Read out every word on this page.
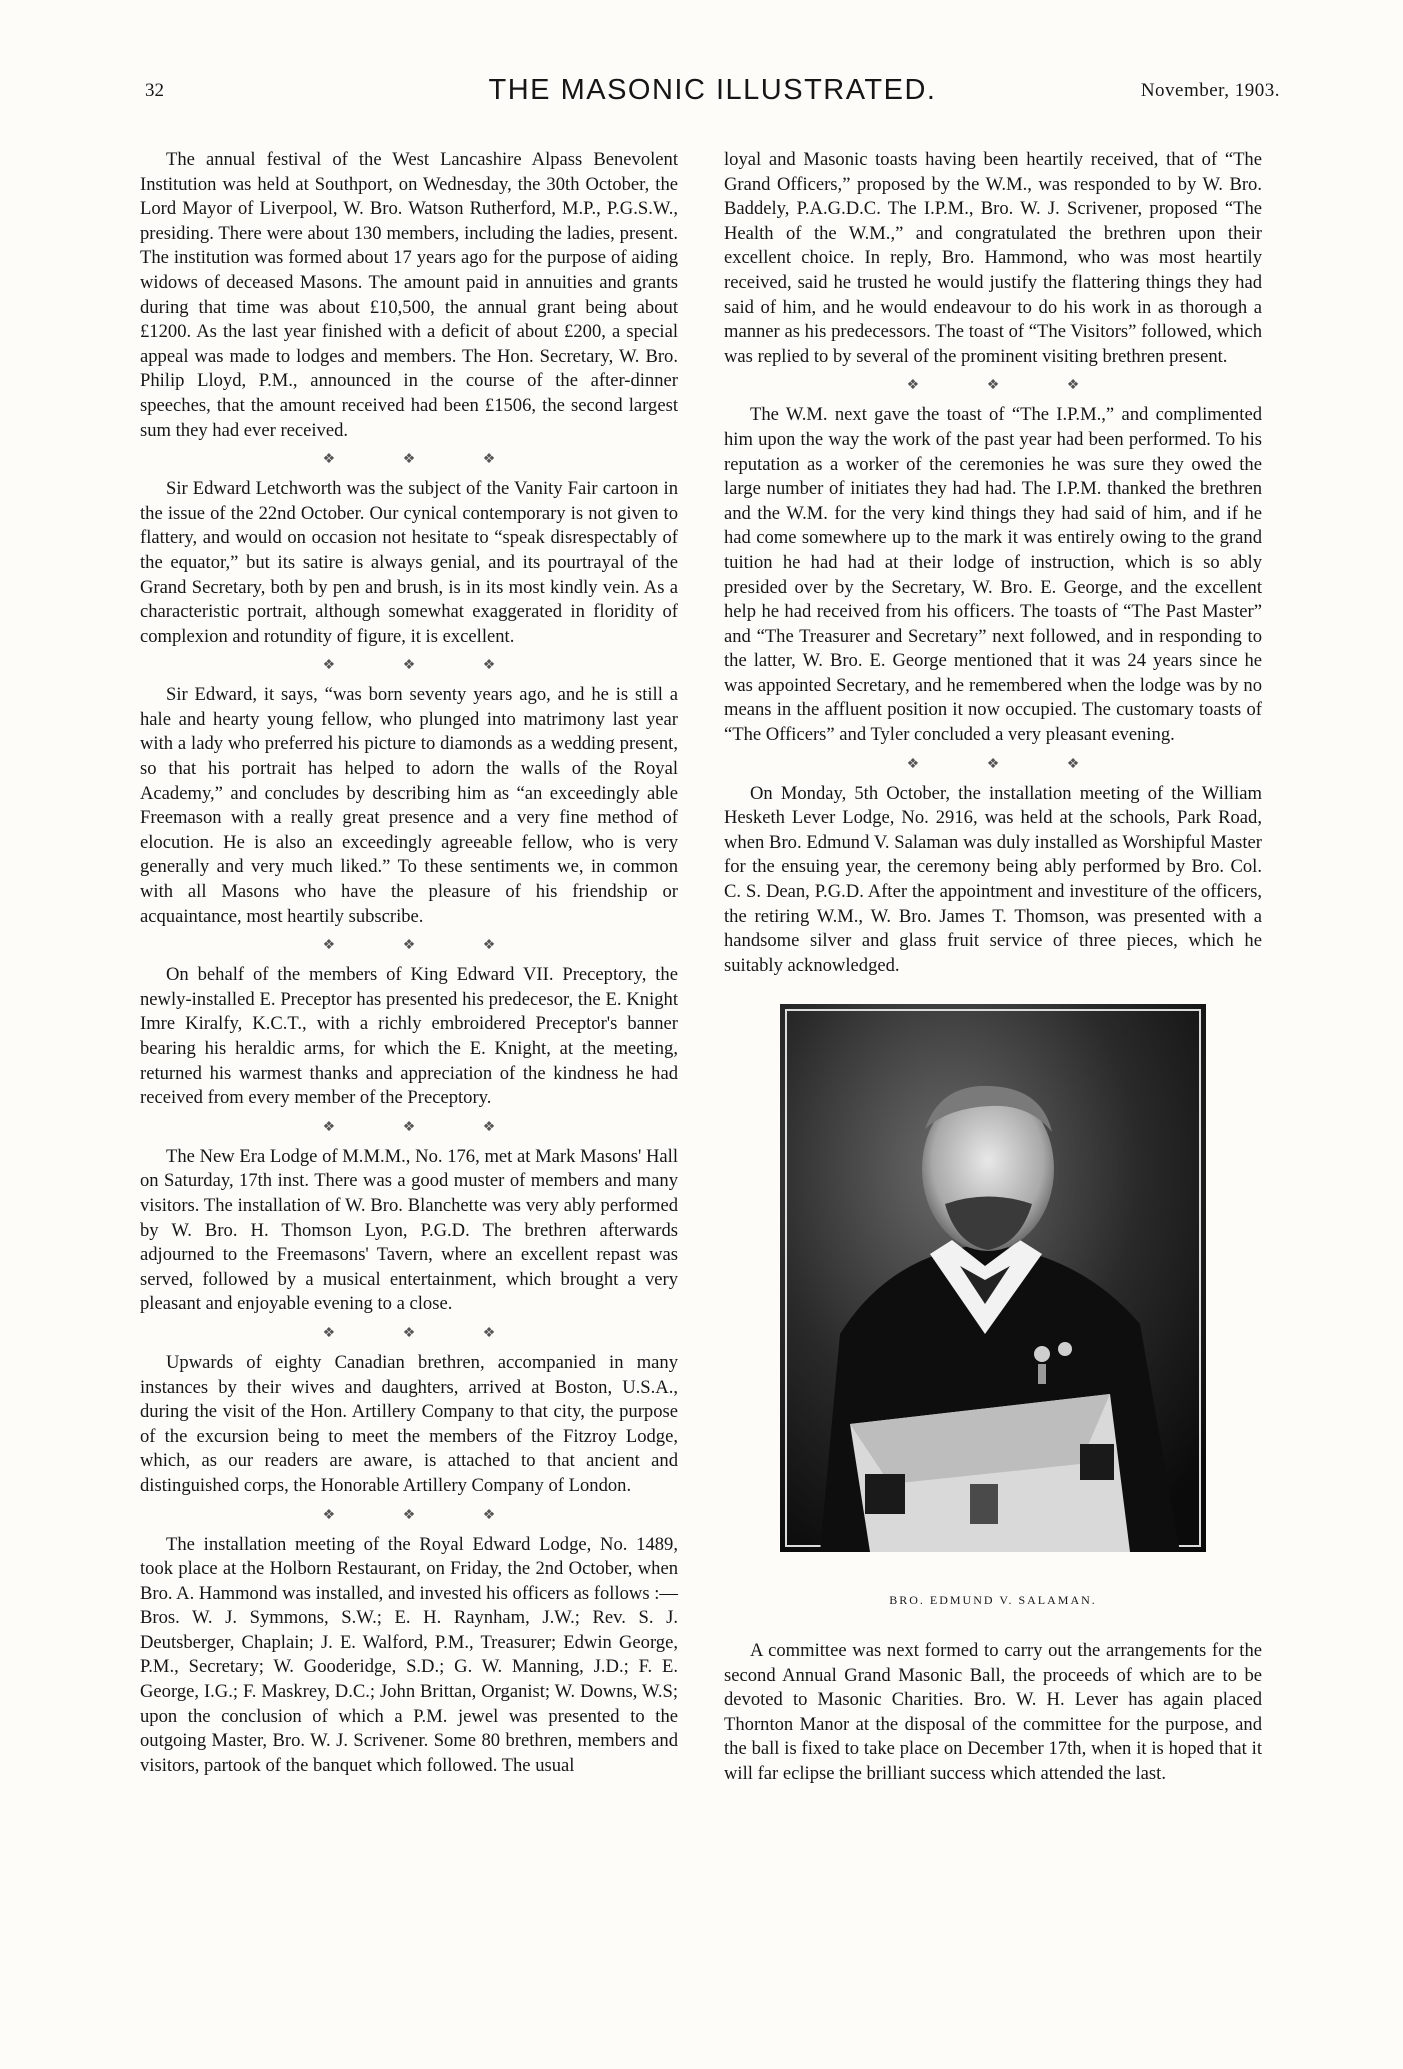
32	THE MASONIC ILLUSTRATED.	November, 1903.

The annual festival of the West Lancashire Alpass Benevolent Institution was held at Southport, on Wednesday, the 30th October, the Lord Mayor of Liverpool, W. Bro. Watson Rutherford, M.P., P.G.S.W., presiding. There were about 130 members, including the ladies, present. The institution was formed about 17 years ago for the purpose of aiding widows of deceased Masons. The amount paid in annuities and grants during that time was about £10,500, the annual grant being about £1200. As the last year finished with a deficit of about £200, a special appeal was made to lodges and members. The Hon. Secretary, W. Bro. Philip Lloyd, P.M., announced in the course of the after-dinner speeches, that the amount received had been £1506, the second largest sum they had ever received.

❖ ❖ ❖

Sir Edward Letchworth was the subject of the Vanity Fair cartoon in the issue of the 22nd October. Our cynical contemporary is not given to flattery, and would on occasion not hesitate to “speak disrespectably of the equator,” but its satire is always genial, and its pourtrayal of the Grand Secretary, both by pen and brush, is in its most kindly vein. As a characteristic portrait, although somewhat exaggerated in floridity of complexion and rotundity of figure, it is excellent.

❖ ❖ ❖

Sir Edward, it says, “was born seventy years ago, and he is still a hale and hearty young fellow, who plunged into matrimony last year with a lady who preferred his picture to diamonds as a wedding present, so that his portrait has helped to adorn the walls of the Royal Academy,” and concludes by describing him as “an exceedingly able Freemason with a really great presence and a very fine method of elocution. He is also an exceedingly agreeable fellow, who is very generally and very much liked.” To these sentiments we, in common with all Masons who have the pleasure of his friendship or acquaintance, most heartily subscribe.

❖ ❖ ❖

On behalf of the members of King Edward VII. Preceptory, the newly-installed E. Preceptor has presented his predecesor, the E. Knight Imre Kiralfy, K.C.T., with a richly embroidered Preceptor's banner bearing his heraldic arms, for which the E. Knight, at the meeting, returned his warmest thanks and appreciation of the kindness he had received from every member of the Preceptory.

❖ ❖ ❖

The New Era Lodge of M.M.M., No. 176, met at Mark Masons' Hall on Saturday, 17th inst. There was a good muster of members and many visitors. The installation of W. Bro. Blanchette was very ably performed by W. Bro. H. Thomson Lyon, P.G.D. The brethren afterwards adjourned to the Freemasons' Tavern, where an excellent repast was served, followed by a musical entertainment, which brought a very pleasant and enjoyable evening to a close.

❖ ❖ ❖

Upwards of eighty Canadian brethren, accompanied in many instances by their wives and daughters, arrived at Boston, U.S.A., during the visit of the Hon. Artillery Company to that city, the purpose of the excursion being to meet the members of the Fitzroy Lodge, which, as our readers are aware, is attached to that ancient and distinguished corps, the Honorable Artillery Company of London.

❖ ❖ ❖

The installation meeting of the Royal Edward Lodge, No. 1489, took place at the Holborn Restaurant, on Friday, the 2nd October, when Bro. A. Hammond was installed, and invested his officers as follows :—Bros. W. J. Symmons, S.W.; E. H. Raynham, J.W.; Rev. S. J. Deutsberger, Chaplain; J. E. Walford, P.M., Treasurer; Edwin George, P.M., Secretary; W. Gooderidge, S.D.; G. W. Manning, J.D.; F. E. George, I.G.; F. Maskrey, D.C.; John Brittan, Organist; W. Downs, W.S; upon the conclusion of which a P.M. jewel was presented to the outgoing Master, Bro. W. J. Scrivener. Some 80 brethren, members and visitors, partook of the banquet which followed. The usual

loyal and Masonic toasts having been heartily received, that of “The Grand Officers,” proposed by the W.M., was responded to by W. Bro. Baddely, P.A.G.D.C. The I.P.M., Bro. W. J. Scrivener, proposed “The Health of the W.M.,” and congratulated the brethren upon their excellent choice. In reply, Bro. Hammond, who was most heartily received, said he trusted he would justify the flattering things they had said of him, and he would endeavour to do his work in as thorough a manner as his predecessors. The toast of “The Visitors” followed, which was replied to by several of the prominent visiting brethren present.

❖ ❖ ❖

The W.M. next gave the toast of “The I.P.M.,” and complimented him upon the way the work of the past year had been performed. To his reputation as a worker of the ceremonies he was sure they owed the large number of initiates they had had. The I.P.M. thanked the brethren and the W.M. for the very kind things they had said of him, and if he had come somewhere up to the mark it was entirely owing to the grand tuition he had had at their lodge of instruction, which is so ably presided over by the Secretary, W. Bro. E. George, and the excellent help he had received from his officers. The toasts of “The Past Master” and “The Treasurer and Secretary” next followed, and in responding to the latter, W. Bro. E. George mentioned that it was 24 years since he was appointed Secretary, and he remembered when the lodge was by no means in the affluent position it now occupied. The customary toasts of “The Officers” and Tyler concluded a very pleasant evening.

❖ ❖ ❖

On Monday, 5th October, the installation meeting of the William Hesketh Lever Lodge, No. 2916, was held at the schools, Park Road, when Bro. Edmund V. Salaman was duly installed as Worshipful Master for the ensuing year, the ceremony being ably performed by Bro. Col. C. S. Dean, P.G.D. After the appointment and investiture of the officers, the retiring W.M., W. Bro. James T. Thomson, was presented with a handsome silver and glass fruit service of three pieces, which he suitably acknowledged.

BRO. EDMUND V. SALAMAN.

A committee was next formed to carry out the arrangements for the second Annual Grand Masonic Ball, the proceeds of which are to be devoted to Masonic Charities. Bro. W. H. Lever has again placed Thornton Manor at the disposal of the committee for the purpose, and the ball is fixed to take place on December 17th, when it is hoped that it will far eclipse the brilliant success which attended the last.
